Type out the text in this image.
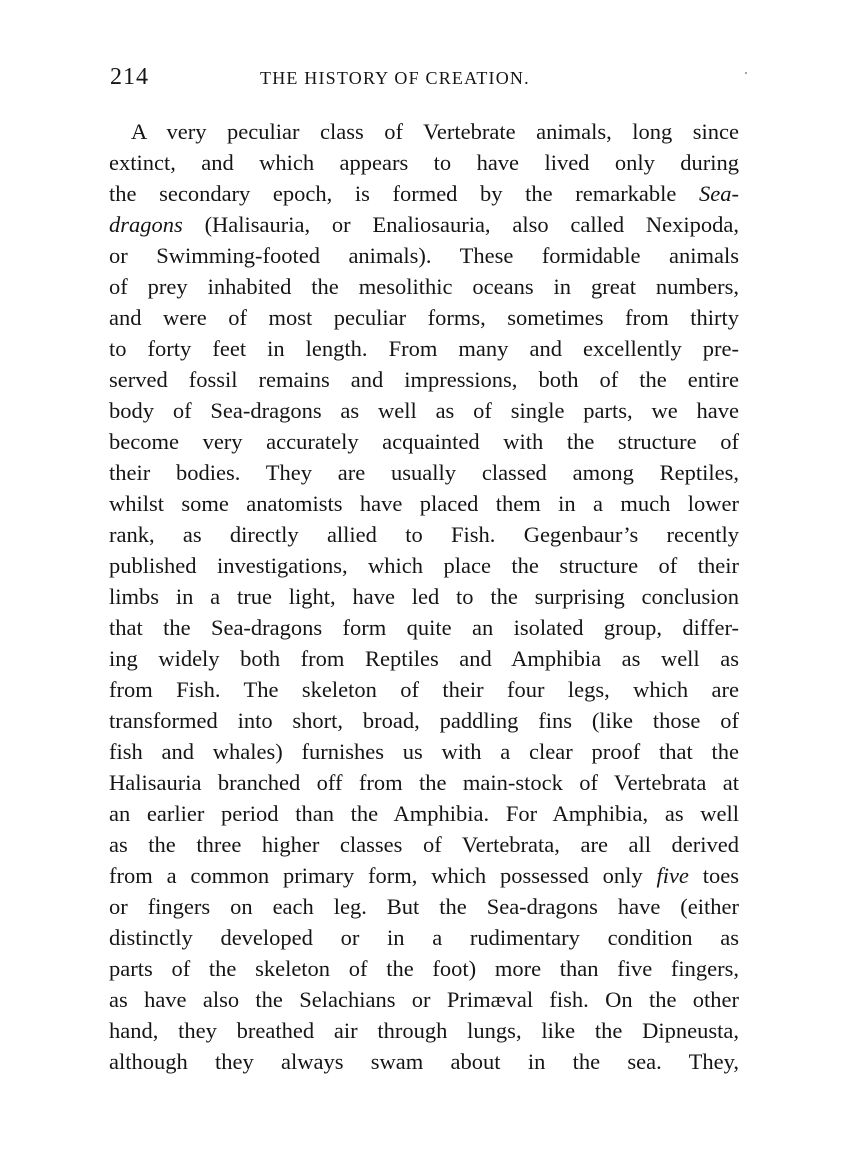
214	THE HISTORY OF CREATION.
A very peculiar class of Vertebrate animals, long since
extinct, and which appears to have lived only during
the secondary epoch, is formed by the remarkable Sea-
dragons (Halisauria, or Enaliosauria, also called Nexipoda,
or Swimming-footed animals). These formidable animals
of prey inhabited the mesolithic oceans in great numbers,
and were of most peculiar forms, sometimes from thirty
to forty feet in length. From many and excellently pre-
served fossil remains and impressions, both of the entire
body of Sea-dragons as well as of single parts, we have
become very accurately acquainted with the structure of
their bodies. They are usually classed among Reptiles,
whilst some anatomists have placed them in a much lower
rank, as directly allied to Fish. Gegenbaur’s recently
published investigations, which place the structure of their
limbs in a true light, have led to the surprising conclusion
that the Sea-dragons form quite an isolated group, differ-
ing widely both from Reptiles and Amphibia as well as
from Fish. The skeleton of their four legs, which are
transformed into short, broad, paddling fins (like those of
fish and whales) furnishes us with a clear proof that the
Halisauria branched off from the main-stock of Vertebrata at
an earlier period than the Amphibia. For Amphibia, as well
as the three higher classes of Vertebrata, are all derived
from a common primary form, which possessed only five toes
or fingers on each leg. But the Sea-dragons have (either
distinctly developed or in a rudimentary condition as
parts of the skeleton of the foot) more than five fingers,
as have also the Selachians or Primæval fish. On the other
hand, they breathed air through lungs, like the Dipneusta,
although they always swam about in the sea. They,
